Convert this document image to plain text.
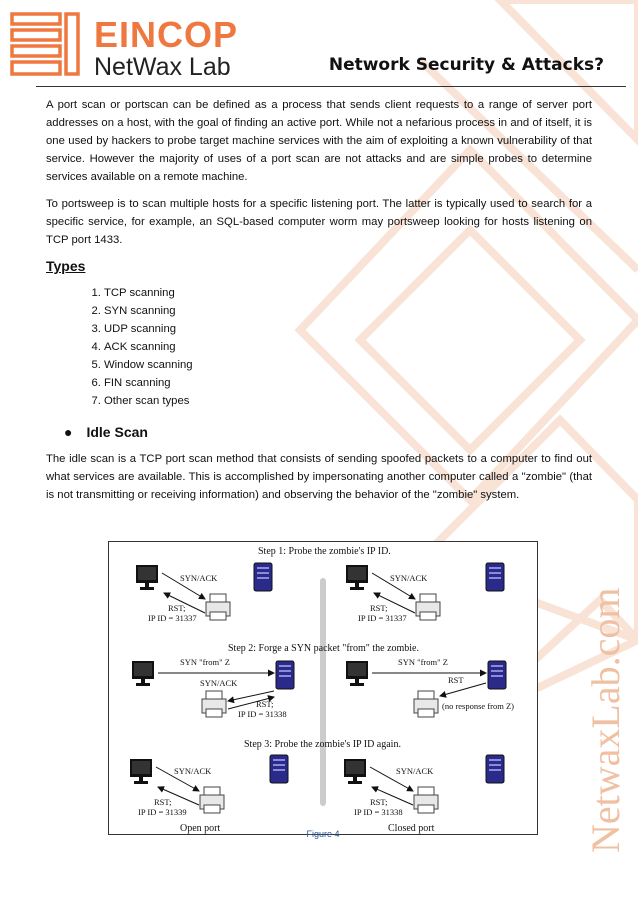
EINCOP
NetWax Lab	Network Security & Attacks?

A port scan or portscan can be defined as a process that sends client requests to a range of server port addresses on a host, with the goal of finding an active port. While not a nefarious process in and of itself, it is one used by hackers to probe target machine services with the aim of exploiting a known vulnerability of that service. However the majority of uses of a port scan are not attacks and are simple probes to determine services available on a remote machine.

To portsweep is to scan multiple hosts for a specific listening port. The latter is typically used to search for a specific service, for example, an SQL-based computer worm may portsweep looking for hosts listening on TCP port 1433.

Types
1. TCP scanning
2. SYN scanning
3. UDP scanning
4. ACK scanning
5. Window scanning
6. FIN scanning
7. Other scan types
● Idle Scan

The idle scan is a TCP port scan method that consists of sending spoofed packets to a computer to find out what services are available. This is accomplished by impersonating another computer called a "zombie" (that is not transmitting or receiving information) and observing the behavior of the "zombie" system.

Step 1: Probe the zombie's IP ID.
SYN/ACK
RST;
IP ID = 31337
SYN/ACK
RST;
IP ID = 31337
Step 2: Forge a SYN packet "from" the zombie.
SYN "from" Z
SYN/ACK
RST;
IP ID = 31338
SYN "from" Z
RST
(no response from Z)
Step 3: Probe the zombie's IP ID again.
SYN/ACK
RST;
IP ID = 31339
Open port
SYN/ACK
RST;
IP ID = 31338
Closed port
Figure 4	NetwaxLab.com
